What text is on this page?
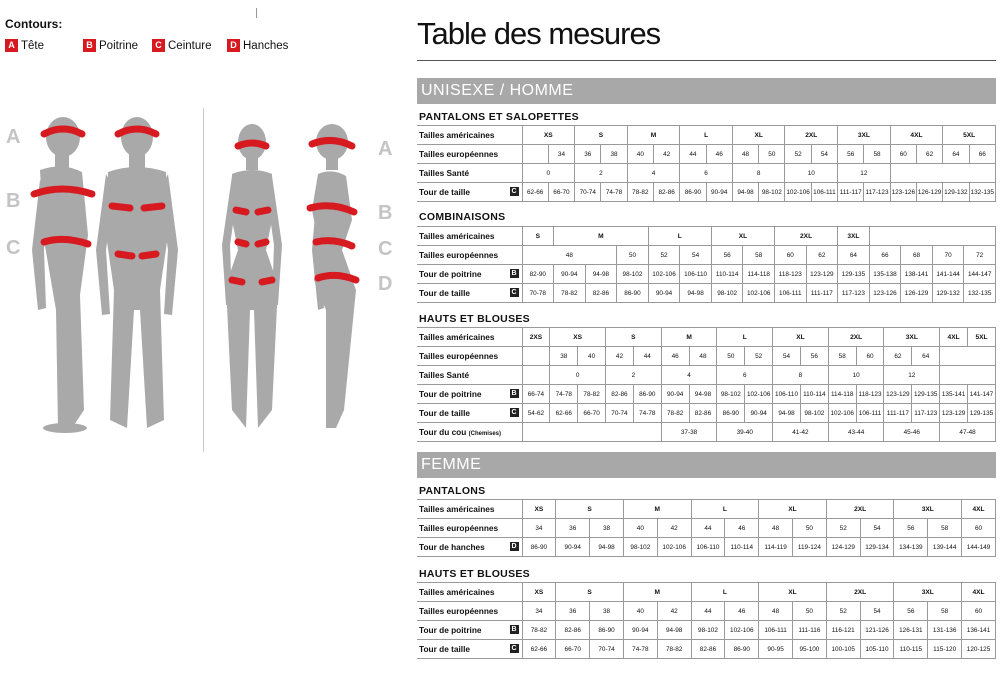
Contours:
A Tête	B Poitrine	C Ceinture	D Hanches
A
B
C
A
B
C
D
Table des mesures
UNISEXE / HOMME
PANTALONS ET SALOPETTES
Tailles américaines	XS		S		M		L		XL		2XL		3XL		4XL		5XL	
Tailles européennes		34	36	38	40	42	44	46	48	50	52	54	56	58	60	62	64	66
Tailles Santé	0		2		4		6		8		10		12					
Tour de taille C	62-66	66-70	70-74	74-78	78-82	82-86	86-90	90-94	94-98	98-102	102-106	106-111	111-117	117-123	123-126	126-129	129-132	132-135
COMBINAISONS
Tailles américaines	S	M			L		XL		2XL		3XL				
Tailles européennes	48			50	52	54	56	58	60	62	64	66	68	70	72
Tour de poitrine B	82-90	90-94	94-98	98-102	102-106	106-110	110-114	114-118	118-123	123-129	129-135	135-138	138-141	141-144	144-147
Tour de taille C	70-78	78-82	82-86	86-90	90-94	94-98	98-102	102-106	106-111	111-117	117-123	123-126	126-129	129-132	132-135
HAUTS ET BLOUSES
Tailles américaines	2XS	XS		S		M		L		XL		2XL		3XL		4XL	5XL
Tailles européennes		38	40	42	44	46	48	50	52	54	56	58	60	62	64		
Tailles Santé		0		2		4		6		8		10		12			
Tour de poitrine B	66-74	74-78	78-82	82-86	86-90	90-94	94-98	98-102	102-106	106-110	110-114	114-118	118-123	123-129	129-135	135-141	141-147
Tour de taille C	54-62	62-66	66-70	70-74	74-78	78-82	82-86	86-90	90-94	94-98	98-102	102-106	106-111	111-117	117-123	123-129	129-135
Tour du cou (Chemises)						37-38		39-40		41-42		43-44		45-46		47-48	
FEMME
PANTALONS
Tailles américaines	XS	S		M		L		XL		2XL		3XL		4XL
Tailles européennes	34	36	38	40	42	44	46	48	50	52	54	56	58	60
Tour de hanches D	86-90	90-94	94-98	98-102	102-106	106-110	110-114	114-119	119-124	124-129	129-134	134-139	139-144	144-149
HAUTS ET BLOUSES
Tailles américaines	XS	S		M		L		XL		2XL		3XL		4XL
Tailles européennes	34	36	38	40	42	44	46	48	50	52	54	56	58	60
Tour de poitrine B	78-82	82-86	86-90	90-94	94-98	98-102	102-106	106-111	111-116	116-121	121-126	126-131	131-136	136-141
Tour de taille C	62-66	66-70	70-74	74-78	78-82	82-86	86-90	90-95	95-100	100-105	105-110	110-115	115-120	120-125
